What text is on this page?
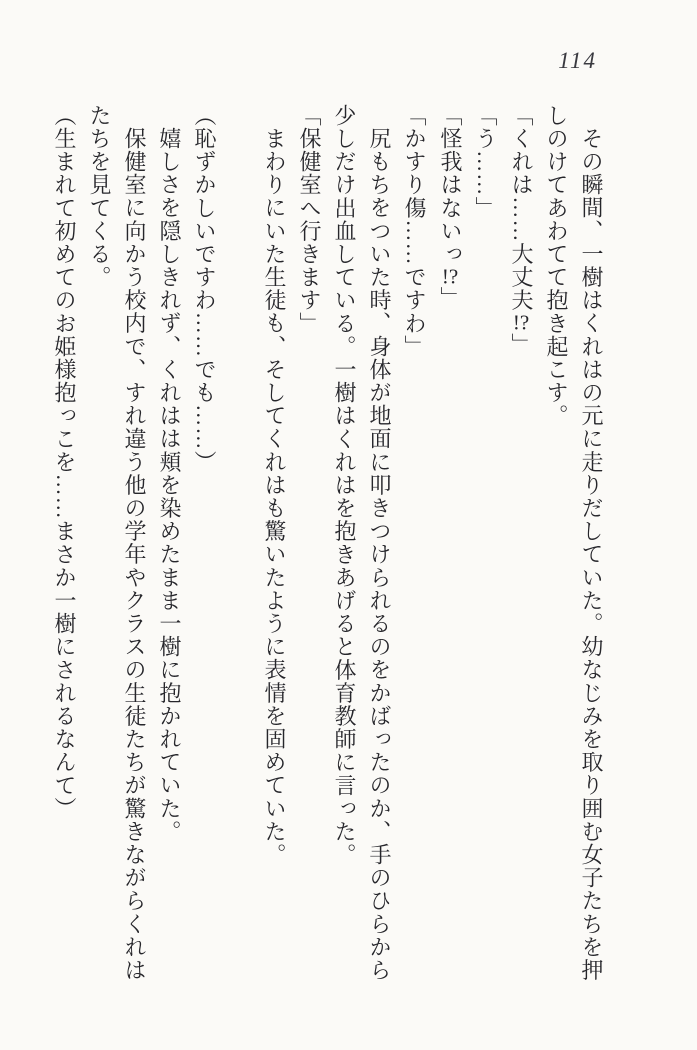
114

その瞬間、一樹はくれはの元に走りだしていた。幼なじみを取り囲む女子たちを押

しのけてあわてて抱き起こす。

「くれは……大丈夫!?」

「う……」

「怪我はないっ!?」

「かすり傷……ですわ」

尻もちをついた時、身体が地面に叩きつけられるのをかばったのか、手のひらから

少しだけ出血している。一樹はくれはを抱きあげると体育教師に言った。

「保健室へ行きます」

まわりにいた生徒も、そしてくれはも驚いたように表情を固めていた。

（恥ずかしいですわ……でも……）

嬉しさを隠しきれず、くれはは頬を染めたまま一樹に抱かれていた。

保健室に向かう校内で、すれ違う他の学年やクラスの生徒たちが驚きながらくれは

たちを見てくる。

（生まれて初めてのお姫様抱っこを……まさか一樹にされるなんて）
